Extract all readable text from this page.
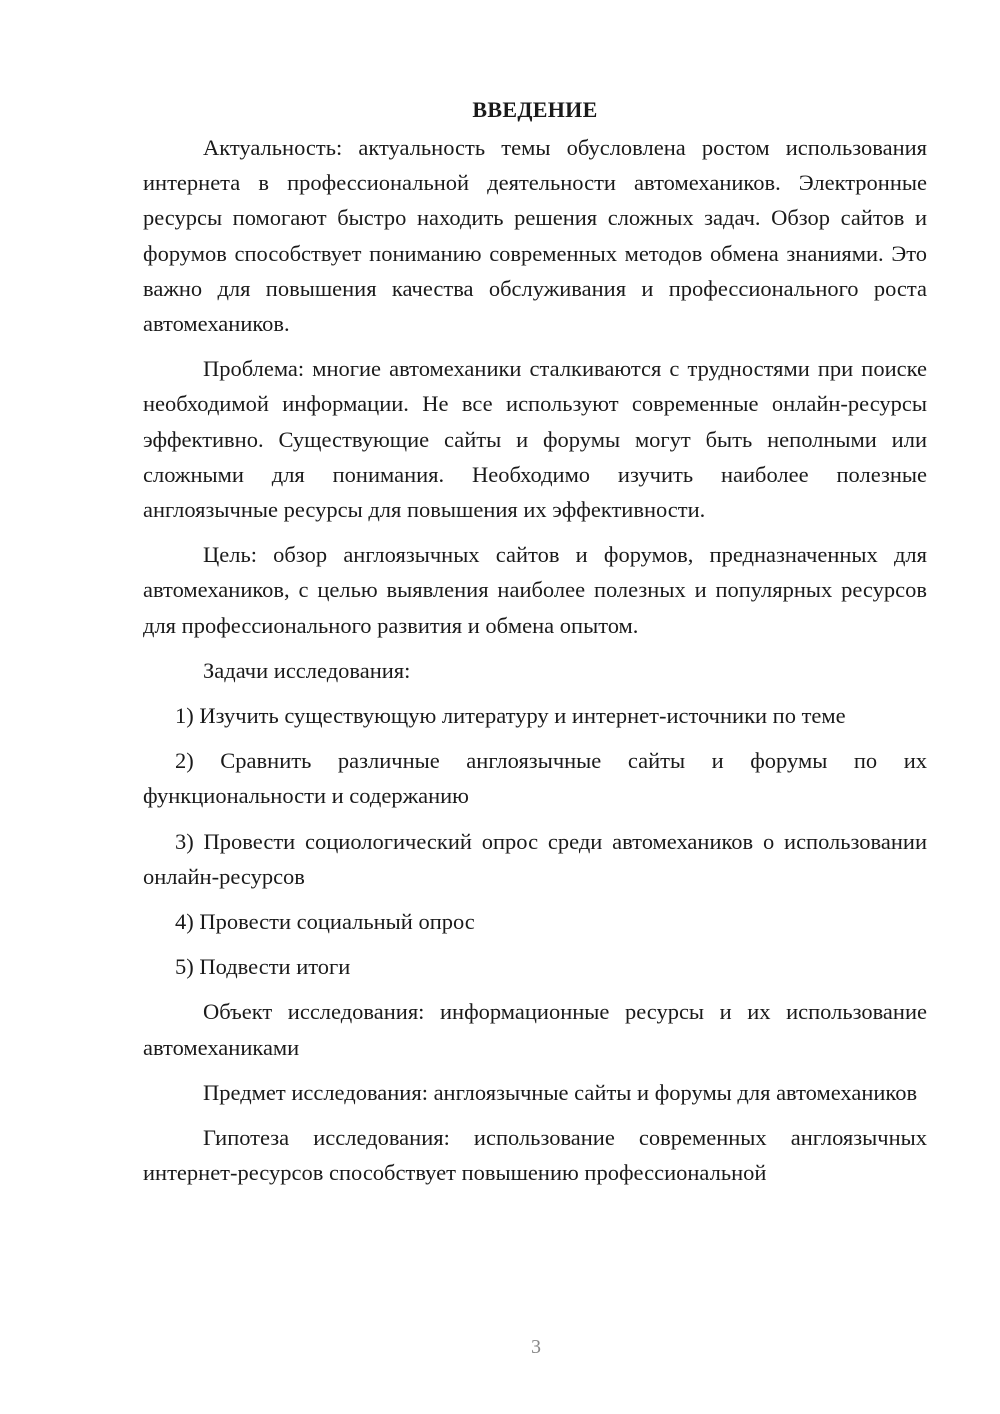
ВВЕДЕНИЕ

Актуальность: актуальность темы обусловлена ростом использования интернета в профессиональной деятельности автомехаников. Электронные ресурсы помогают быстро находить решения сложных задач. Обзор сайтов и форумов способствует пониманию современных методов обмена знаниями. Это важно для повышения качества обслуживания и профессионального роста автомехаников.

Проблема: многие автомеханики сталкиваются с трудностями при поиске необходимой информации. Не все используют современные онлайн-ресурсы эффективно. Существующие сайты и форумы могут быть неполными или сложными для понимания. Необходимо изучить наиболее полезные англоязычные ресурсы для повышения их эффективности.

Цель: обзор англоязычных сайтов и форумов, предназначенных для автомехаников, с целью выявления наиболее полезных и популярных ресурсов для профессионального развития и обмена опытом.

Задачи исследования:

1) Изучить существующую литературу и интернет-источники по теме

2) Сравнить различные англоязычные сайты и форумы по их функциональности и содержанию

3) Провести социологический опрос среди автомехаников о использовании онлайн-ресурсов

4) Провести социальный опрос

5) Подвести итоги

Объект исследования: информационные ресурсы и их использование автомеханиками

Предмет исследования: англоязычные сайты и форумы для автомехаников

Гипотеза исследования: использование современных англоязычных интернет-ресурсов способствует повышению профессиональной

3
